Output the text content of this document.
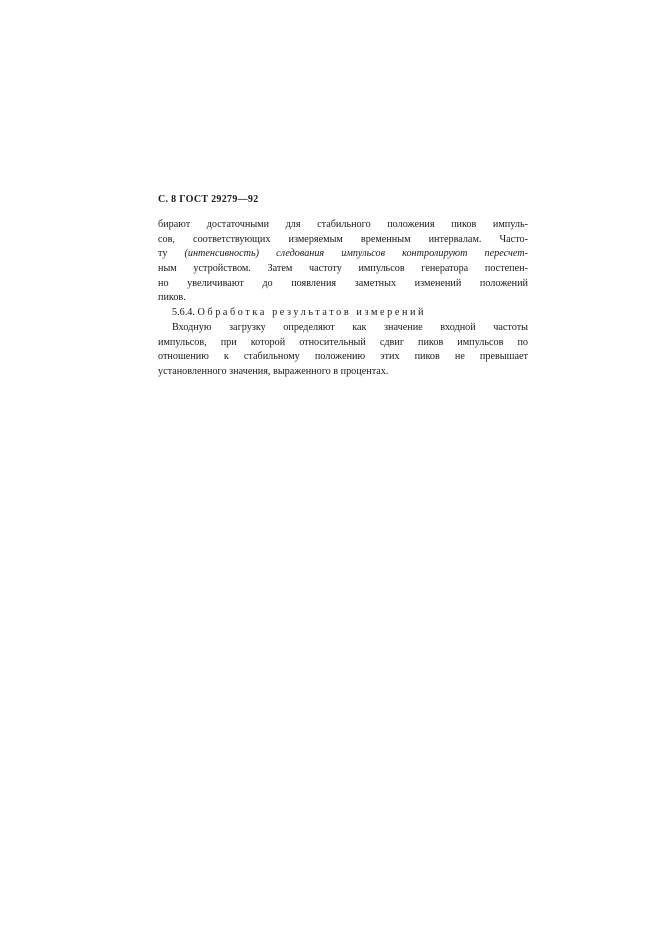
С. 8 ГОСТ 29279—92
бирают достаточными для стабильного положения пиков импуль-
сов, соответствующих измеряемым временным интервалам. Часто-
ту (интенсивность) следования импульсов контролируют пересчет-
ным устройством. Затем частоту импульсов генератора постепен-
но увеличивают до появления заметных изменений положений
пиков.
5.6.4. Обработка результатов измерений
Входную загрузку определяют как значение входной частоты
импульсов, при которой относительный сдвиг пиков импульсов по
отношению к стабильному положению этих пиков не превышает
установленного значения, выраженного в процентах.
